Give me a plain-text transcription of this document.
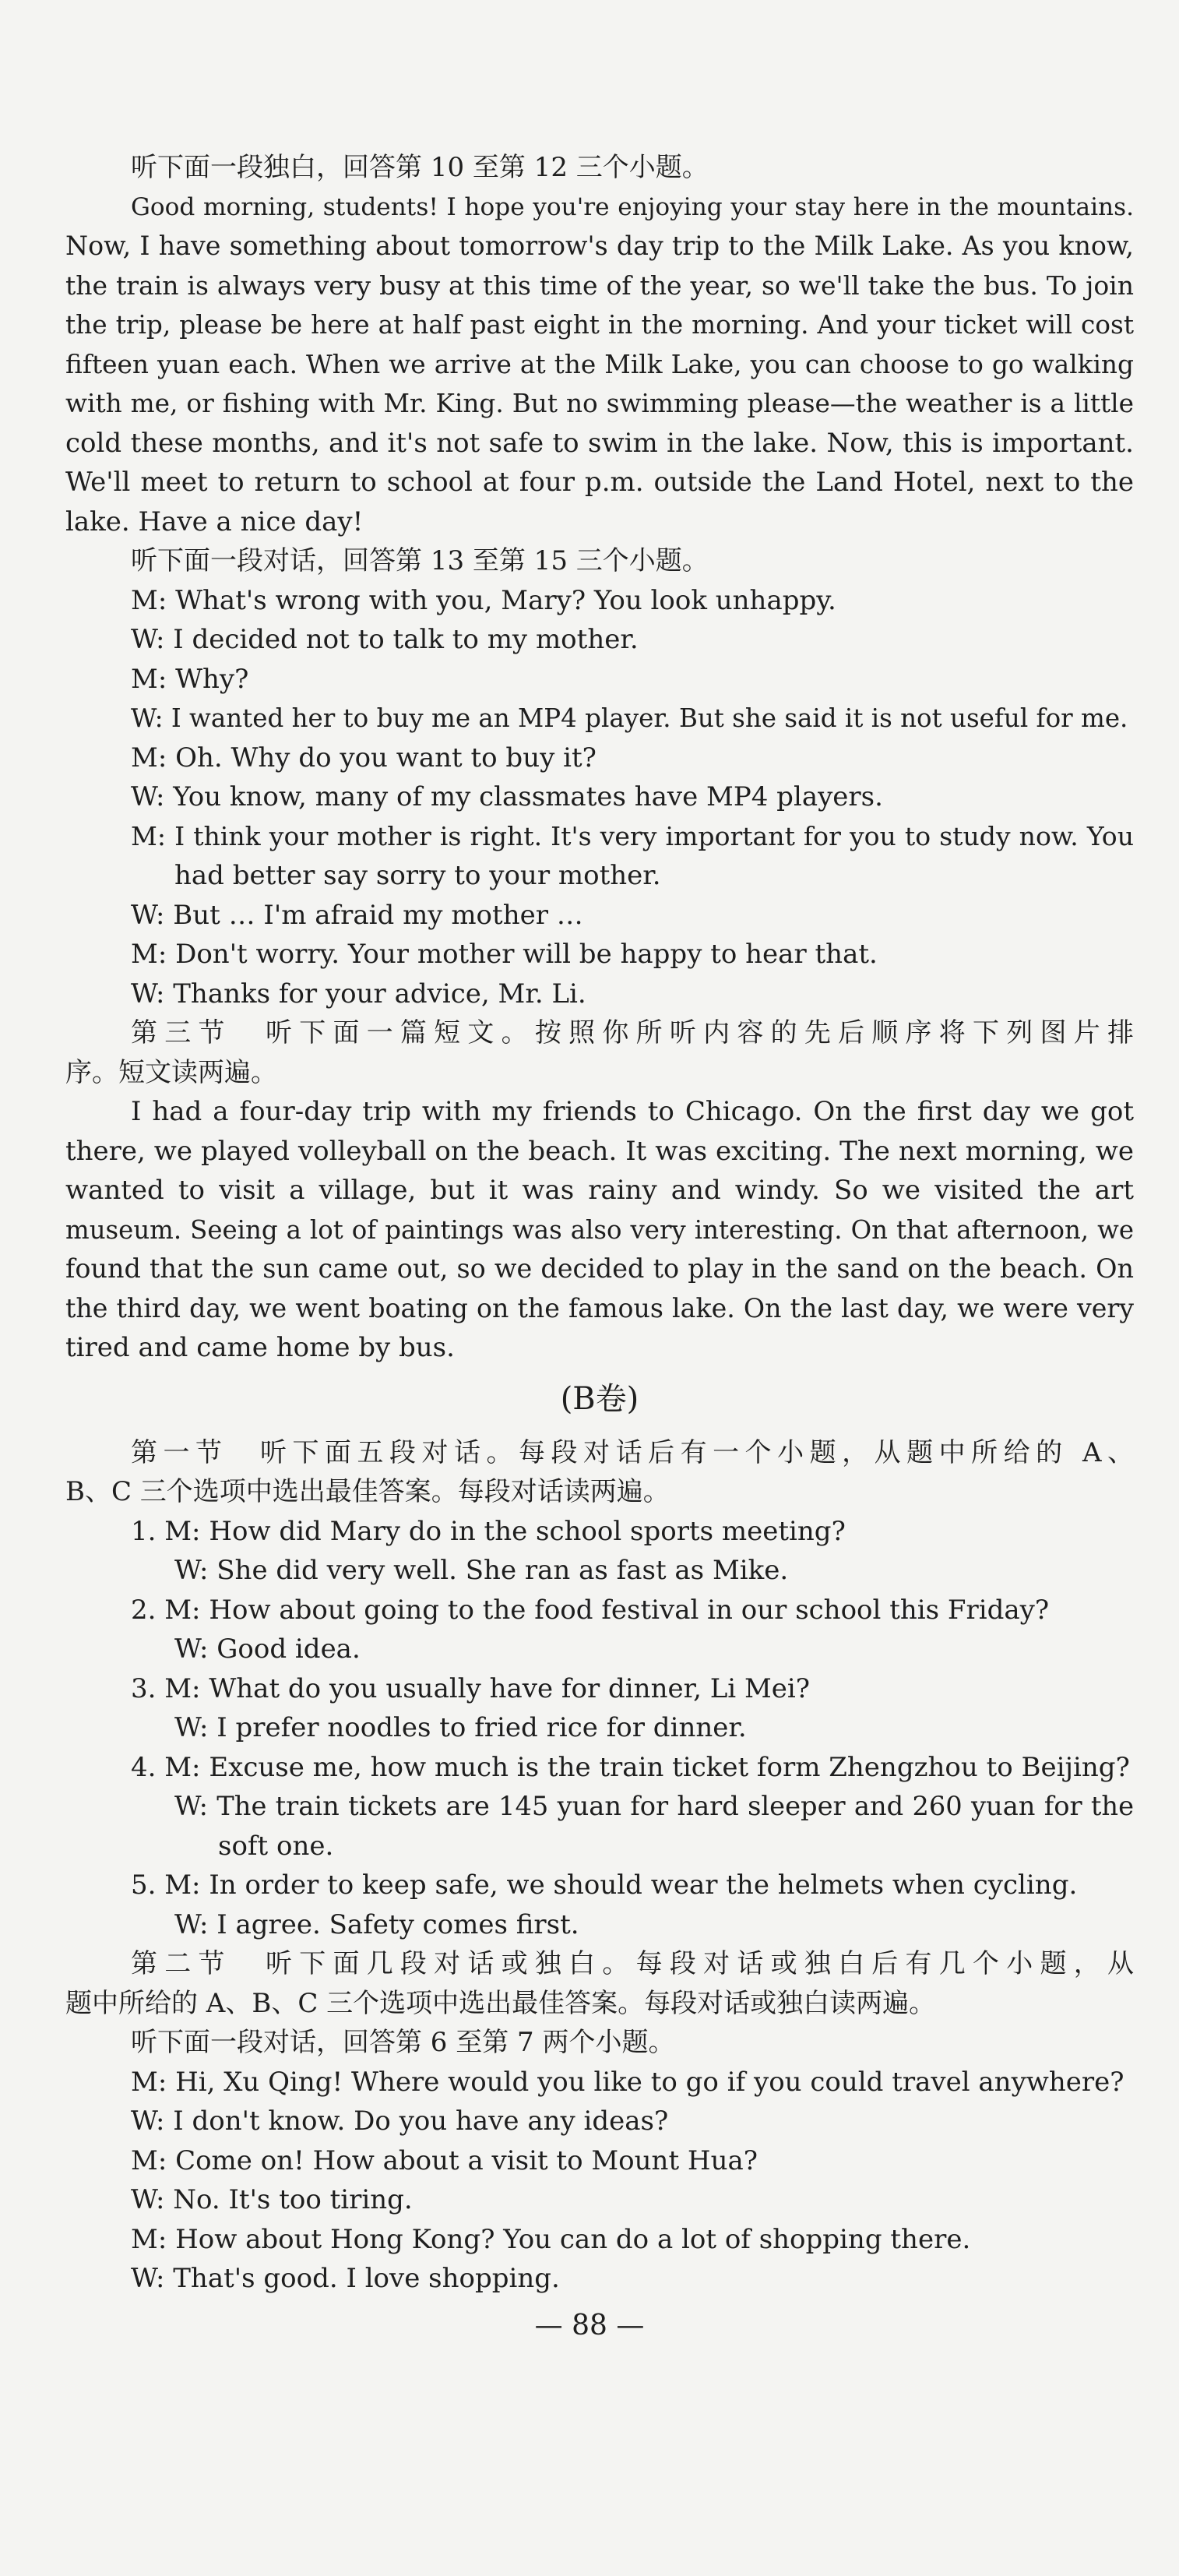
听下面一段独白，回答第 10 至第 12 三个小题。
Good morning, students! I hope you're enjoying your stay here in the mountains.
Now, I have something about tomorrow's day trip to the Milk Lake. As you know,
the train is always very busy at this time of the year, so we'll take the bus. To join
the trip, please be here at half past eight in the morning. And your ticket will cost
fifteen yuan each. When we arrive at the Milk Lake, you can choose to go walking
with me, or fishing with Mr. King. But no swimming please—the weather is a little
cold these months, and it's not safe to swim in the lake. Now, this is important.
We'll meet to return to school at four p.m. outside the Land Hotel, next to the
lake. Have a nice day!
听下面一段对话，回答第 13 至第 15 三个小题。
M: What's wrong with you, Mary? You look unhappy.
W: I decided not to talk to my mother.
M: Why?
W: I wanted her to buy me an MP4 player. But she said it is not useful for me.
M: Oh. Why do you want to buy it?
W: You know, many of my classmates have MP4 players.
M: I think your mother is right. It's very important for you to study now. You
had better say sorry to your mother.
W: But … I'm afraid my mother …
M: Don't worry. Your mother will be happy to hear that.
W: Thanks for your advice, Mr. Li.
第三节　听下面一篇短文。按照你所听内容的先后顺序将下列图片排
序。短文读两遍。
I had a four-day trip with my friends to Chicago. On the first day we got
there, we played volleyball on the beach. It was exciting. The next morning, we
wanted to visit a village, but it was rainy and windy. So we visited the art
museum. Seeing a lot of paintings was also very interesting. On that afternoon, we
found that the sun came out, so we decided to play in the sand on the beach. On
the third day, we went boating on the famous lake. On the last day, we were very
tired and came home by bus.
(B卷)
第一节　听下面五段对话。每段对话后有一个小题，从题中所给的 A、
B、C 三个选项中选出最佳答案。每段对话读两遍。
1. M: How did Mary do in the school sports meeting?
W: She did very well. She ran as fast as Mike.
2. M: How about going to the food festival in our school this Friday?
W: Good idea.
3. M: What do you usually have for dinner, Li Mei?
W: I prefer noodles to fried rice for dinner.
4. M: Excuse me, how much is the train ticket form Zhengzhou to Beijing?
W: The train tickets are 145 yuan for hard sleeper and 260 yuan for the
soft one.
5. M: In order to keep safe, we should wear the helmets when cycling.
W: I agree. Safety comes first.
第二节　听下面几段对话或独白。每段对话或独白后有几个小题，从
题中所给的 A、B、C 三个选项中选出最佳答案。每段对话或独白读两遍。
听下面一段对话，回答第 6 至第 7 两个小题。
M: Hi, Xu Qing! Where would you like to go if you could travel anywhere?
W: I don't know. Do you have any ideas?
M: Come on! How about a visit to Mount Hua?
W: No. It's too tiring.
M: How about Hong Kong? You can do a lot of shopping there.
W: That's good. I love shopping.
— 88 —
